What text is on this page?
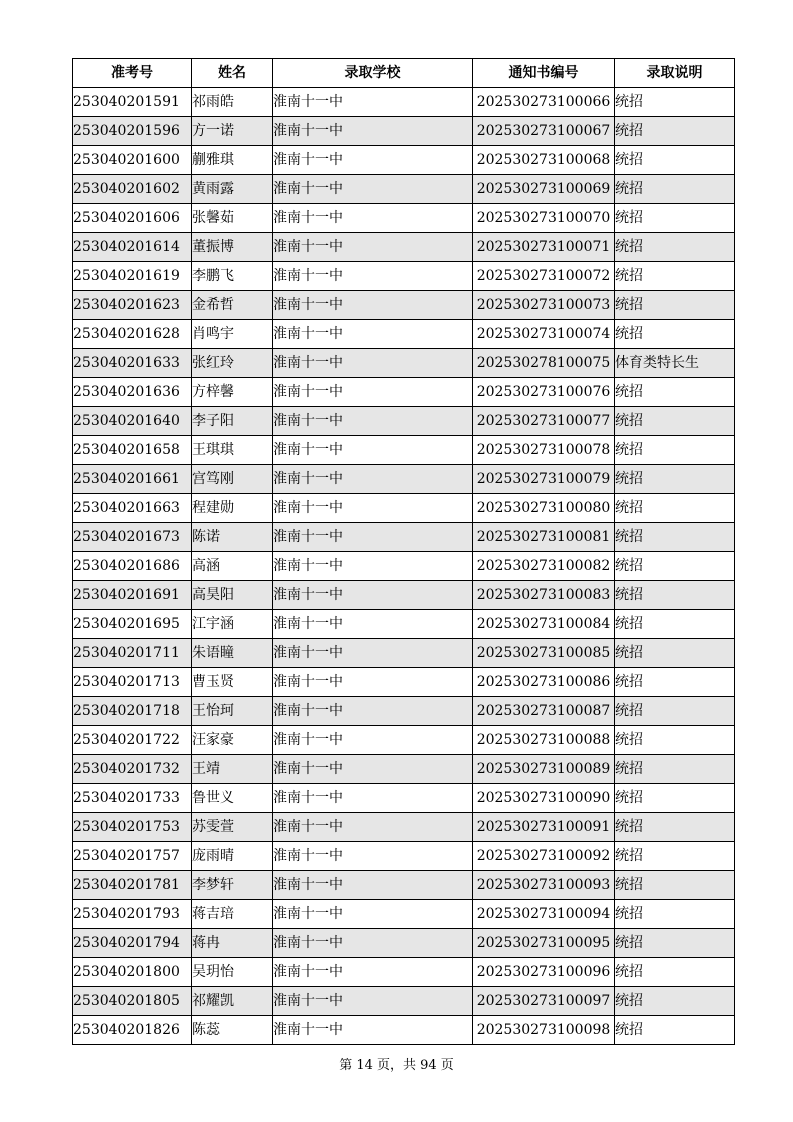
准考号	姓名	录取学校	通知书编号	录取说明
253040201591	祁雨皓	淮南十一中	202530273100066	统招
253040201596	方一诺	淮南十一中	202530273100067	统招
253040201600	蒯雅琪	淮南十一中	202530273100068	统招
253040201602	黄雨露	淮南十一中	202530273100069	统招
253040201606	张馨茹	淮南十一中	202530273100070	统招
253040201614	董振博	淮南十一中	202530273100071	统招
253040201619	李鹏飞	淮南十一中	202530273100072	统招
253040201623	金希哲	淮南十一中	202530273100073	统招
253040201628	肖鸣宇	淮南十一中	202530273100074	统招
253040201633	张红玲	淮南十一中	202530278100075	体育类特长生
253040201636	方梓馨	淮南十一中	202530273100076	统招
253040201640	李子阳	淮南十一中	202530273100077	统招
253040201658	王琪琪	淮南十一中	202530273100078	统招
253040201661	宫笃刚	淮南十一中	202530273100079	统招
253040201663	程建勋	淮南十一中	202530273100080	统招
253040201673	陈诺	淮南十一中	202530273100081	统招
253040201686	高涵	淮南十一中	202530273100082	统招
253040201691	高昊阳	淮南十一中	202530273100083	统招
253040201695	江宇涵	淮南十一中	202530273100084	统招
253040201711	朱语瞳	淮南十一中	202530273100085	统招
253040201713	曹玉贤	淮南十一中	202530273100086	统招
253040201718	王怡珂	淮南十一中	202530273100087	统招
253040201722	汪家豪	淮南十一中	202530273100088	统招
253040201732	王靖	淮南十一中	202530273100089	统招
253040201733	鲁世义	淮南十一中	202530273100090	统招
253040201753	苏雯萱	淮南十一中	202530273100091	统招
253040201757	庞雨晴	淮南十一中	202530273100092	统招
253040201781	李梦轩	淮南十一中	202530273100093	统招
253040201793	蒋吉琣	淮南十一中	202530273100094	统招
253040201794	蒋冉	淮南十一中	202530273100095	统招
253040201800	吴玥怡	淮南十一中	202530273100096	统招
253040201805	祁耀凯	淮南十一中	202530273100097	统招
253040201826	陈蕊	淮南十一中	202530273100098	统招
第 14 页，共 94 页
